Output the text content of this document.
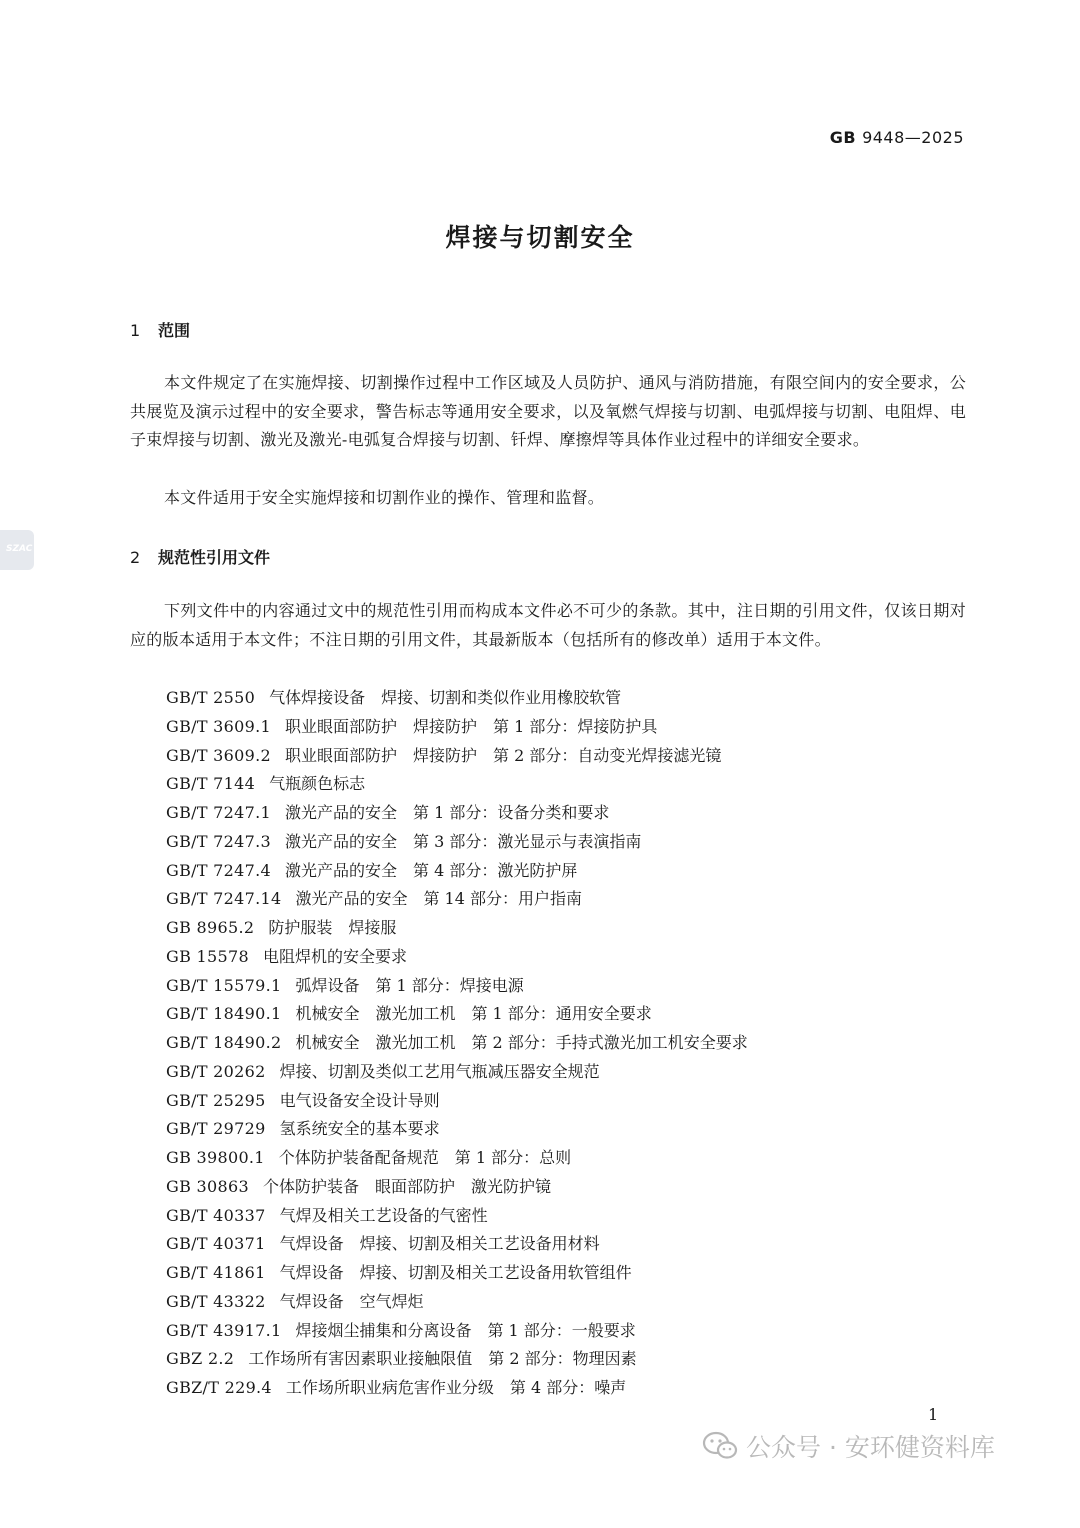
GB 9448—2025
焊接与切割安全
1 范围
本文件规定了在实施焊接、切割操作过程中工作区域及人员防护、通风与消防措施，有限空间内的安全要求，公共展览及演示过程中的安全要求，警告标志等通用安全要求，以及氧燃气焊接与切割、电弧焊接与切割、电阻焊、电子束焊接与切割、激光及激光-电弧复合焊接与切割、钎焊、摩擦焊等具体作业过程中的详细安全要求。
本文件适用于安全实施焊接和切割作业的操作、管理和监督。
SZAC	2 规范性引用文件
下列文件中的内容通过文中的规范性引用而构成本文件必不可少的条款。其中，注日期的引用文件，仅该日期对应的版本适用于本文件；不注日期的引用文件，其最新版本（包括所有的修改单）适用于本文件。
GB/T 2550 气体焊接设备　焊接、切割和类似作业用橡胶软管
GB/T 3609.1 职业眼面部防护　焊接防护　第 1 部分：焊接防护具
GB/T 3609.2 职业眼面部防护　焊接防护　第 2 部分：自动变光焊接滤光镜
GB/T 7144 气瓶颜色标志
GB/T 7247.1 激光产品的安全　第 1 部分：设备分类和要求
GB/T 7247.3 激光产品的安全　第 3 部分：激光显示与表演指南
GB/T 7247.4 激光产品的安全　第 4 部分：激光防护屏
GB/T 7247.14 激光产品的安全　第 14 部分：用户指南
GB 8965.2 防护服装　焊接服
GB 15578 电阻焊机的安全要求
GB/T 15579.1 弧焊设备　第 1 部分：焊接电源
GB/T 18490.1 机械安全　激光加工机　第 1 部分：通用安全要求
GB/T 18490.2 机械安全　激光加工机　第 2 部分：手持式激光加工机安全要求
GB/T 20262 焊接、切割及类似工艺用气瓶减压器安全规范
GB/T 25295 电气设备安全设计导则
GB/T 29729 氢系统安全的基本要求
GB 39800.1 个体防护装备配备规范　第 1 部分：总则
GB 30863 个体防护装备　眼面部防护　激光防护镜
GB/T 40337 气焊及相关工艺设备的气密性
GB/T 40371 气焊设备　焊接、切割及相关工艺设备用材料
GB/T 41861 气焊设备　焊接、切割及相关工艺设备用软管组件
GB/T 43322 气焊设备　空气焊炬
GB/T 43917.1 焊接烟尘捕集和分离设备　第 1 部分：一般要求
GBZ 2.2 工作场所有害因素职业接触限值　第 2 部分：物理因素
GBZ/T 229.4 工作场所职业病危害作业分级　第 4 部分：噪声
1
公众号 · 安环健资料库
